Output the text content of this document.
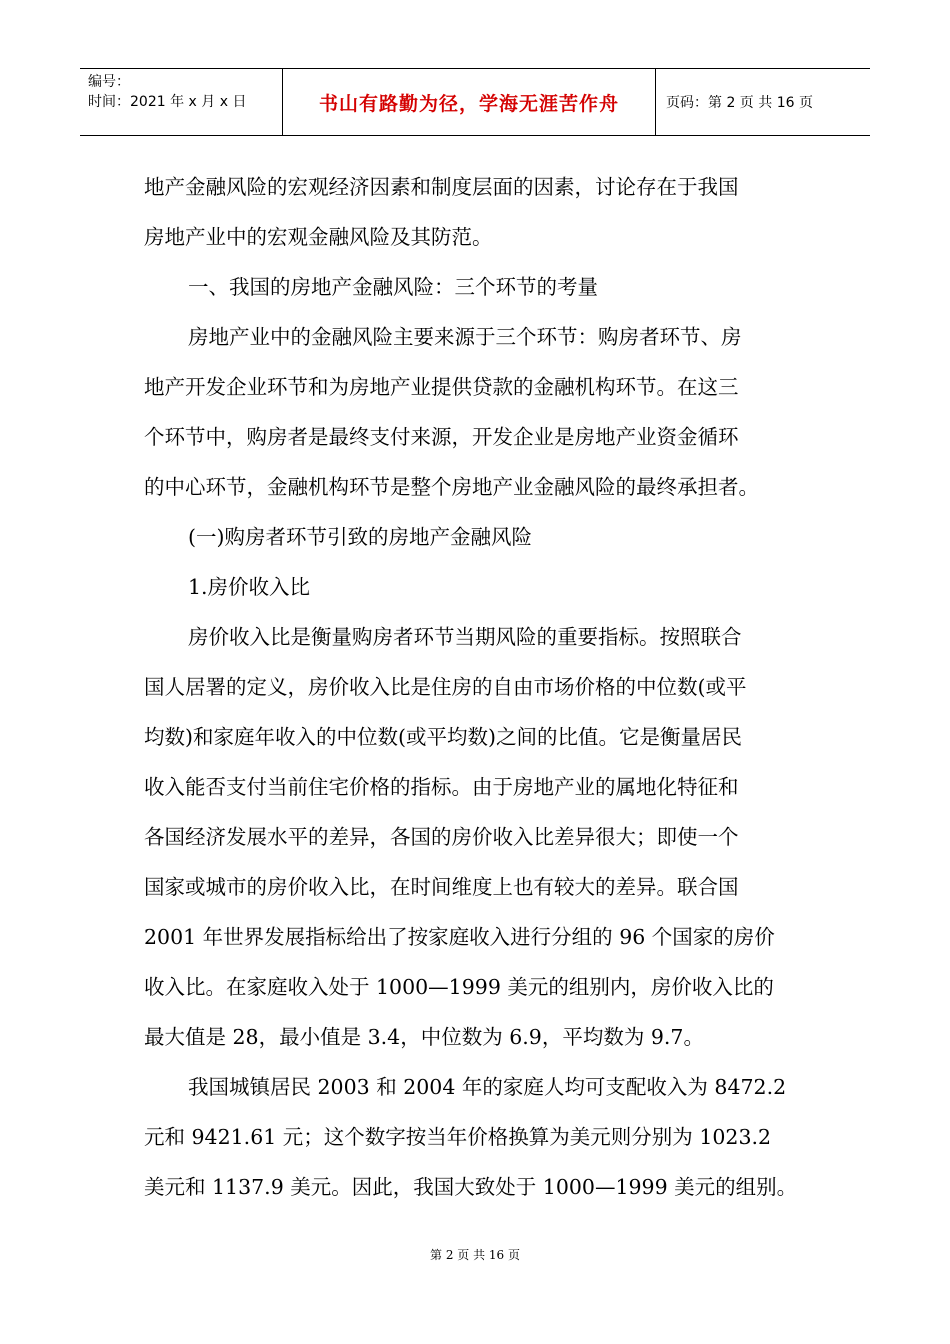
编号：
时间：2021 年 x 月 x 日	书山有路勤为径，学海无涯苦作舟	页码：第 2 页 共 16 页

地产金融风险的宏观经济因素和制度层面的因素，讨论存在于我国

房地产业中的宏观金融风险及其防范。

一、我国的房地产金融风险：三个环节的考量

房地产业中的金融风险主要来源于三个环节：购房者环节、房

地产开发企业环节和为房地产业提供贷款的金融机构环节。在这三

个环节中，购房者是最终支付来源，开发企业是房地产业资金循环

的中心环节，金融机构环节是整个房地产业金融风险的最终承担者。

(一)购房者环节引致的房地产金融风险

1.房价收入比

房价收入比是衡量购房者环节当期风险的重要指标。按照联合

国人居署的定义，房价收入比是住房的自由市场价格的中位数(或平

均数)和家庭年收入的中位数(或平均数)之间的比值。它是衡量居民

收入能否支付当前住宅价格的指标。由于房地产业的属地化特征和

各国经济发展水平的差异，各国的房价收入比差异很大；即使一个

国家或城市的房价收入比，在时间维度上也有较大的差异。联合国

2001 年世界发展指标给出了按家庭收入进行分组的 96 个国家的房价

收入比。在家庭收入处于 1000—1999 美元的组别内，房价收入比的

最大值是 28，最小值是 3.4，中位数为 6.9，平均数为 9.7。

我国城镇居民 2003 和 2004 年的家庭人均可支配收入为 8472.2

元和 9421.61 元；这个数字按当年价格换算为美元则分别为 1023.2

美元和 1137.9 美元。因此，我国大致处于 1000—1999 美元的组别。

第 2 页 共 16 页
